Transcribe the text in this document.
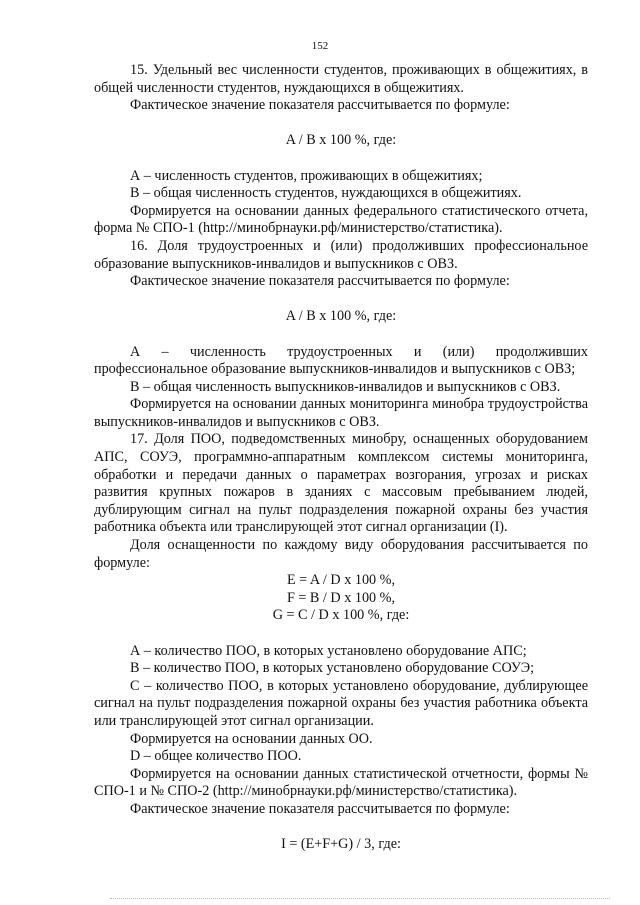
152

15. Удельный вес численности студентов, проживающих в общежитиях, в общей численности студентов, нуждающихся в общежитиях.

Фактическое значение показателя рассчитывается по формуле:

A / B x 100 %, где:

А – численность студентов, проживающих в общежитиях;

В – общая численность студентов, нуждающихся в общежитиях.

Формируется на основании данных федерального статистического отчета, форма № СПО-1 (http://минобрнауки.рф/министерство/статистика).

16. Доля трудоустроенных и (или) продолживших профессиональное образование выпускников-инвалидов и выпускников с ОВЗ.

Фактическое значение показателя рассчитывается по формуле:

A / B x 100 %, где:

А – численность трудоустроенных и (или) продолживших профессиональное образование выпускников-инвалидов и выпускников с ОВЗ;

В – общая численность выпускников-инвалидов и выпускников с ОВЗ.

Формируется на основании данных мониторинга минобра трудоустройства выпускников-инвалидов и выпускников с ОВЗ.

17. Доля ПОО, подведомственных минобру, оснащенных оборудованием АПС, СОУЭ, программно-аппаратным комплексом системы мониторинга, обработки и передачи данных о параметрах возгорания, угрозах и рисках развития крупных пожаров в зданиях с массовым пребыванием людей, дублирующим сигнал на пульт подразделения пожарной охраны без участия работника объекта или транслирующей этот сигнал организации (I).

Доля оснащенности по каждому виду оборудования рассчитывается по формуле:

E = A / D x 100 %,

F = B / D x 100 %,

G = C / D x 100 %, где:

А – количество ПОО, в которых установлено оборудование АПС;

В – количество ПОО, в которых установлено оборудование СОУЭ;

С – количество ПОО, в которых установлено оборудование, дублирующее сигнал на пульт подразделения пожарной охраны без участия работника объекта или транслирующей этот сигнал организации.

Формируется на основании данных ОО.

D – общее количество ПОО.

Формируется на основании данных статистической отчетности, формы № СПО-1 и № СПО-2 (http://минобрнауки.рф/министерство/статистика).

Фактическое значение показателя рассчитывается по формуле:

I = (E+F+G) / 3, где:
